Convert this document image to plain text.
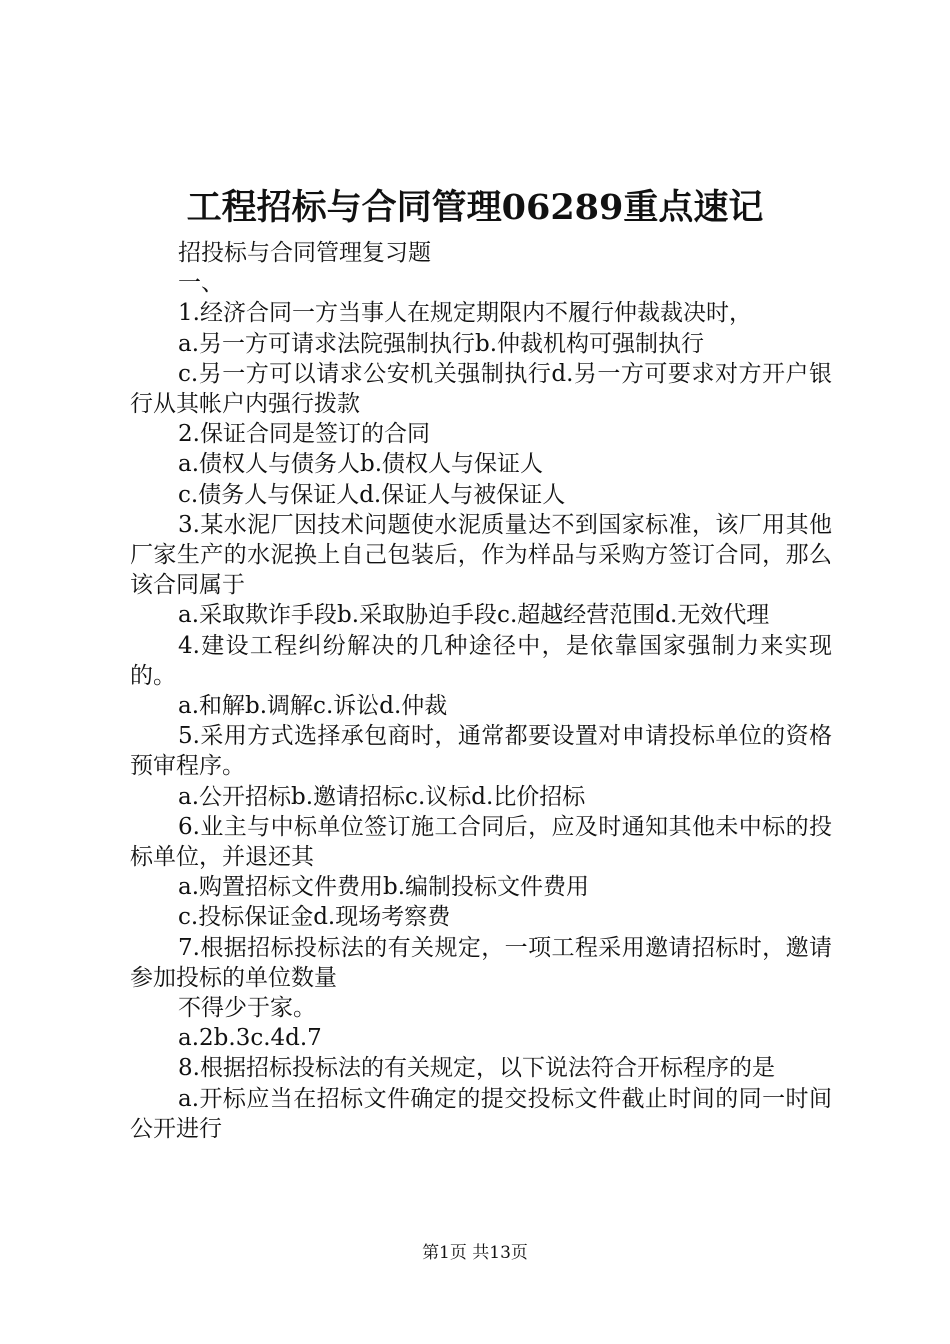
工程招标与合同管理06289重点速记

招投标与合同管理复习题

一、

1.经济合同一方当事人在规定期限内不履行仲裁裁决时，

a.另一方可请求法院强制执行b.仲裁机构可强制执行

c.另一方可以请求公安机关强制执行d.另一方可要求对方开户银行从其帐户内强行拨款

2.保证合同是签订的合同

a.债权人与债务人b.债权人与保证人

c.债务人与保证人d.保证人与被保证人

3.某水泥厂因技术问题使水泥质量达不到国家标准，该厂用其他厂家生产的水泥换上自己包装后，作为样品与采购方签订合同，那么该合同属于

a.采取欺诈手段b.采取胁迫手段c.超越经营范围d.无效代理

4.建设工程纠纷解决的几种途径中，是依靠国家强制力来实现的。

a.和解b.调解c.诉讼d.仲裁

5.采用方式选择承包商时，通常都要设置对申请投标单位的资格预审程序。

a.公开招标b.邀请招标c.议标d.比价招标

6.业主与中标单位签订施工合同后，应及时通知其他未中标的投标单位，并退还其

a.购置招标文件费用b.编制投标文件费用

c.投标保证金d.现场考察费

7.根据招标投标法的有关规定，一项工程采用邀请招标时，邀请参加投标的单位数量

不得少于家。

a.2b.3c.4d.7

8.根据招标投标法的有关规定，以下说法符合开标程序的是

a.开标应当在招标文件确定的提交投标文件截止时间的同一时间公开进行

第1页 共13页
